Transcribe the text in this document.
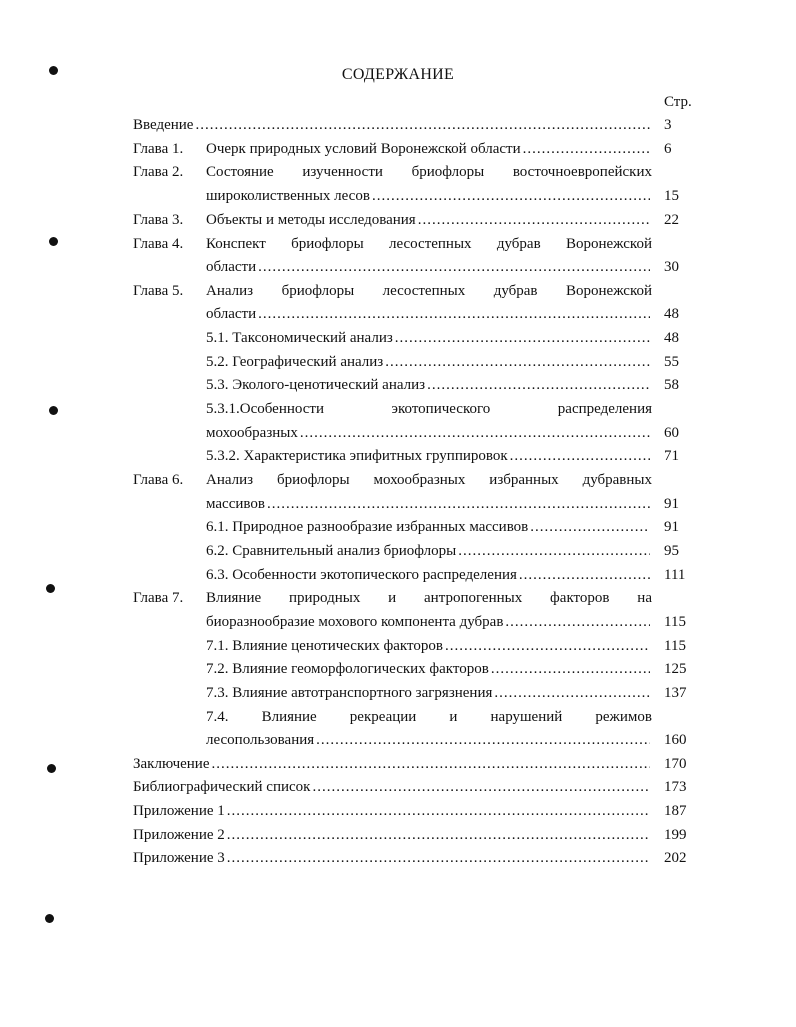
СОДЕРЖАНИЕ
Стр.
Введение .....	3
Глава 1. Очерк природных условий Воронежской области .....	6
Глава 2. Состояние изученности бриофлоры восточноевропейских
широколиственных лесов .....	15
Глава 3. Объекты и методы исследования .....	22
Глава 4. Конспект бриофлоры лесостепных дубрав Воронежской
области .....	30
Глава 5. Анализ бриофлоры лесостепных дубрав Воронежской
области .....	48
5.1. Таксономический анализ .....	48
5.2. Географический анализ .....	55
5.3. Эколого-ценотический анализ .....	58
5.3.1.Особенности экотопического распределения
мохообразных .....	60
5.3.2. Характеристика эпифитных группировок .....	71
Глава 6. Анализ бриофлоры мохообразных избранных дубравных
массивов .....	91
6.1. Природное разнообразие избранных массивов .....	91
6.2. Сравнительный анализ бриофлоры .....	95
6.3. Особенности экотопического распределения .....	111
Глава 7. Влияние природных и антропогенных факторов на
биоразнообразие мохового компонента дубрав .....	115
7.1. Влияние ценотических факторов .....	115
7.2. Влияние геоморфологических факторов .....	125
7.3. Влияние автотранспортного загрязнения .....	137
7.4. Влияние рекреации и нарушений режимов
лесопользования .....	160
Заключение .....	170
Библиографический список .....	173
Приложение 1 .....	187
Приложение 2 .....	199
Приложение 3 .....	202
